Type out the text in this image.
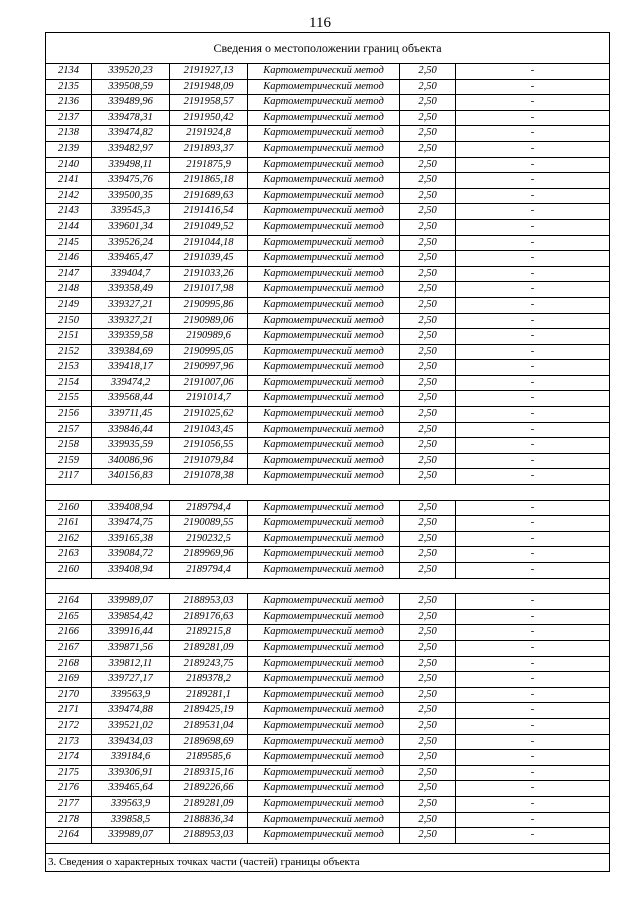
116
Сведения о местоположении границ объекта
2134	339520,23	2191927,13	Картометрический метод	2,50	-
2135	339508,59	2191948,09	Картометрический метод	2,50	-
2136	339489,96	2191958,57	Картометрический метод	2,50	-
2137	339478,31	2191950,42	Картометрический метод	2,50	-
2138	339474,82	2191924,8	Картометрический метод	2,50	-
2139	339482,97	2191893,37	Картометрический метод	2,50	-
2140	339498,11	2191875,9	Картометрический метод	2,50	-
2141	339475,76	2191865,18	Картометрический метод	2,50	-
2142	339500,35	2191689,63	Картометрический метод	2,50	-
2143	339545,3	2191416,54	Картометрический метод	2,50	-
2144	339601,34	2191049,52	Картометрический метод	2,50	-
2145	339526,24	2191044,18	Картометрический метод	2,50	-
2146	339465,47	2191039,45	Картометрический метод	2,50	-
2147	339404,7	2191033,26	Картометрический метод	2,50	-
2148	339358,49	2191017,98	Картометрический метод	2,50	-
2149	339327,21	2190995,86	Картометрический метод	2,50	-
2150	339327,21	2190989,06	Картометрический метод	2,50	-
2151	339359,58	2190989,6	Картометрический метод	2,50	-
2152	339384,69	2190995,05	Картометрический метод	2,50	-
2153	339418,17	2190997,96	Картометрический метод	2,50	-
2154	339474,2	2191007,06	Картометрический метод	2,50	-
2155	339568,44	2191014,7	Картометрический метод	2,50	-
2156	339711,45	2191025,62	Картометрический метод	2,50	-
2157	339846,44	2191043,45	Картометрический метод	2,50	-
2158	339935,59	2191056,55	Картометрический метод	2,50	-
2159	340086,96	2191079,84	Картометрический метод	2,50	-
2117	340156,83	2191078,38	Картометрический метод	2,50	-
2160	339408,94	2189794,4	Картометрический метод	2,50	-
2161	339474,75	2190089,55	Картометрический метод	2,50	-
2162	339165,38	2190232,5	Картометрический метод	2,50	-
2163	339084,72	2189969,96	Картометрический метод	2,50	-
2160	339408,94	2189794,4	Картометрический метод	2,50	-
2164	339989,07	2188953,03	Картометрический метод	2,50	-
2165	339854,42	2189176,63	Картометрический метод	2,50	-
2166	339916,44	2189215,8	Картометрический метод	2,50	-
2167	339871,56	2189281,09	Картометрический метод	2,50	-
2168	339812,11	2189243,75	Картометрический метод	2,50	-
2169	339727,17	2189378,2	Картометрический метод	2,50	-
2170	339563,9	2189281,1	Картометрический метод	2,50	-
2171	339474,88	2189425,19	Картометрический метод	2,50	-
2172	339521,02	2189531,04	Картометрический метод	2,50	-
2173	339434,03	2189698,69	Картометрический метод	2,50	-
2174	339184,6	2189585,6	Картометрический метод	2,50	-
2175	339306,91	2189315,16	Картометрический метод	2,50	-
2176	339465,64	2189226,66	Картометрический метод	2,50	-
2177	339563,9	2189281,09	Картометрический метод	2,50	-
2178	339858,5	2188836,34	Картометрический метод	2,50	-
2164	339989,07	2188953,03	Картометрический метод	2,50	-
3. Сведения о характерных точках части (частей) границы объекта
